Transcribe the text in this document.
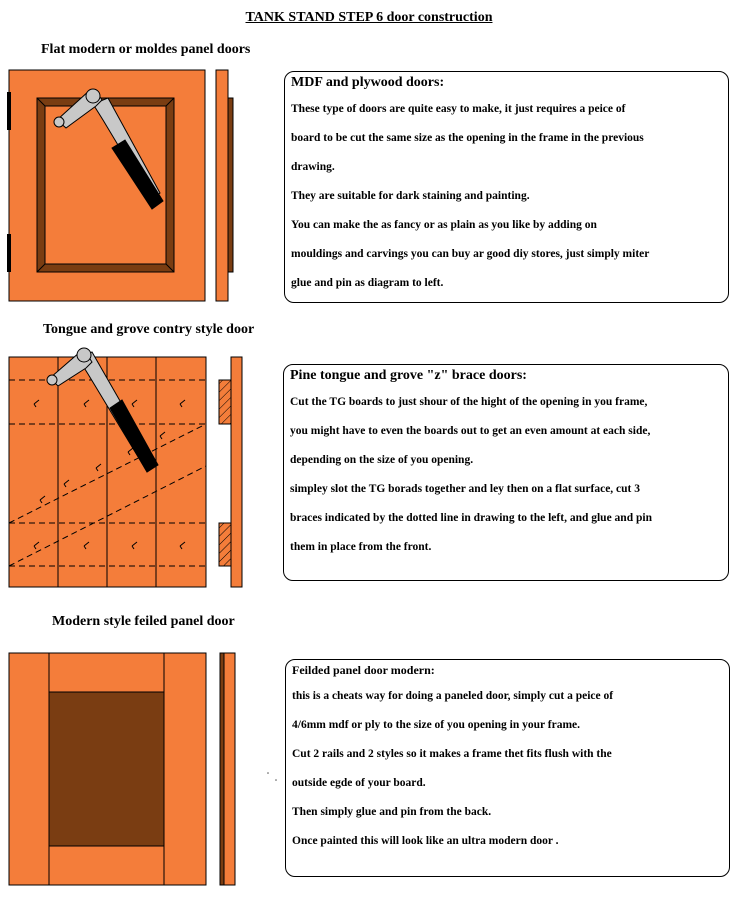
TANK STAND STEP 6 door construction
Flat modern or moldes panel doors
Tongue and grove contry style door
Modern style feiled panel door
MDF and plywood doors:
These type of doors are quite easy to make, it just requires a peice of
board to be cut the same size as the opening in the frame in the previous
drawing.
They are suitable for dark staining and painting.
You can make the as fancy or as plain as you like by adding on
mouldings and carvings you can buy ar good diy stores, just simply miter
glue and pin as diagram to left.
Pine tongue and grove "z" brace doors:
Cut the TG boards to just shour of the hight of the opening in you frame,
you might have to even the boards out to get an even amount at each side,
depending on the size of you opening.
simpley slot the TG borads together and ley then on a flat surface, cut 3
braces indicated by the dotted line in drawing to the left, and glue and pin
them in place from the front.
Feilded panel door modern:
this is a cheats way for doing a paneled door, simply cut a peice of
4/6mm mdf or ply to the size of you opening in your frame.
Cut 2 rails and 2 styles so it makes a frame thet fits flush with the
outside egde of your board.
Then simply glue and pin from the back.
Once painted this will look like an ultra modern door .
